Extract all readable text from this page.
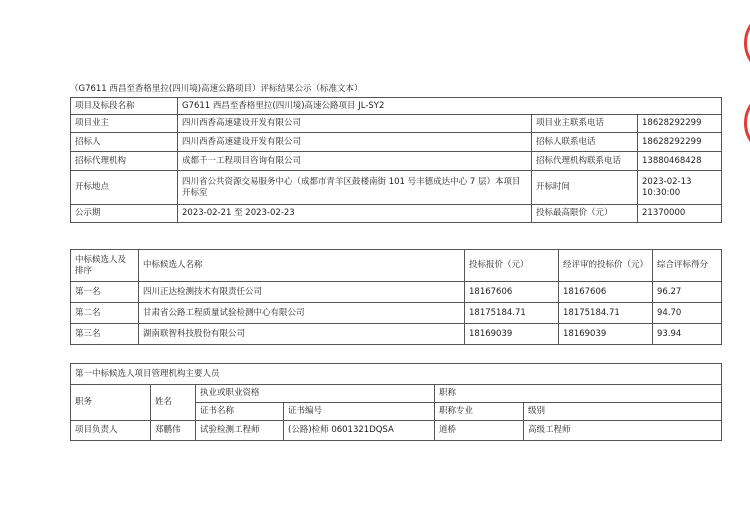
（G7611 西昌至香格里拉(四川境)高速公路项目）评标结果公示（标准文本）
项目及标段名称	G7611 西昌至香格里拉(四川境)高速公路项目 JL-SY2		
项目业主	四川西香高速建设开发有限公司	项目业主联系电话	18628292299
招标人	四川西香高速建设开发有限公司	招标人联系电话	18628292299
招标代理机构	成都千一工程项目咨询有限公司	招标代理机构联系电话	13880468428
开标地点	四川省公共资源交易服务中心（成都市青羊区鼓楼南街 101 号丰德成达中心 7 层）本项目开标室	开标时间	2023-02-13
10:30:00

公示期	2023-02-21 至 2023-02-23	投标最高限价（元）	21370000
中标候选人及排序	中标候选人名称	投标报价（元）	经评审的投标价（元）	综合评标得分
第一名	四川正达检测技术有限责任公司	18167606	18167606	96.27
第二名	甘肃省公路工程质量试验检测中心有限公司	18175184.71	18175184.71	94.70
第三名	湖南联智科技股份有限公司	18169039	18169039	93.94
第一中标候选人项目管理机构主要人员					
职务	姓名	执业或职业资格		职称	
		证书名称	证书编号	职称专业	级别
项目负责人	郑鹏伟	试验检测工程师	(公路)检师 0601321DQSA	道桥	高级工程师
